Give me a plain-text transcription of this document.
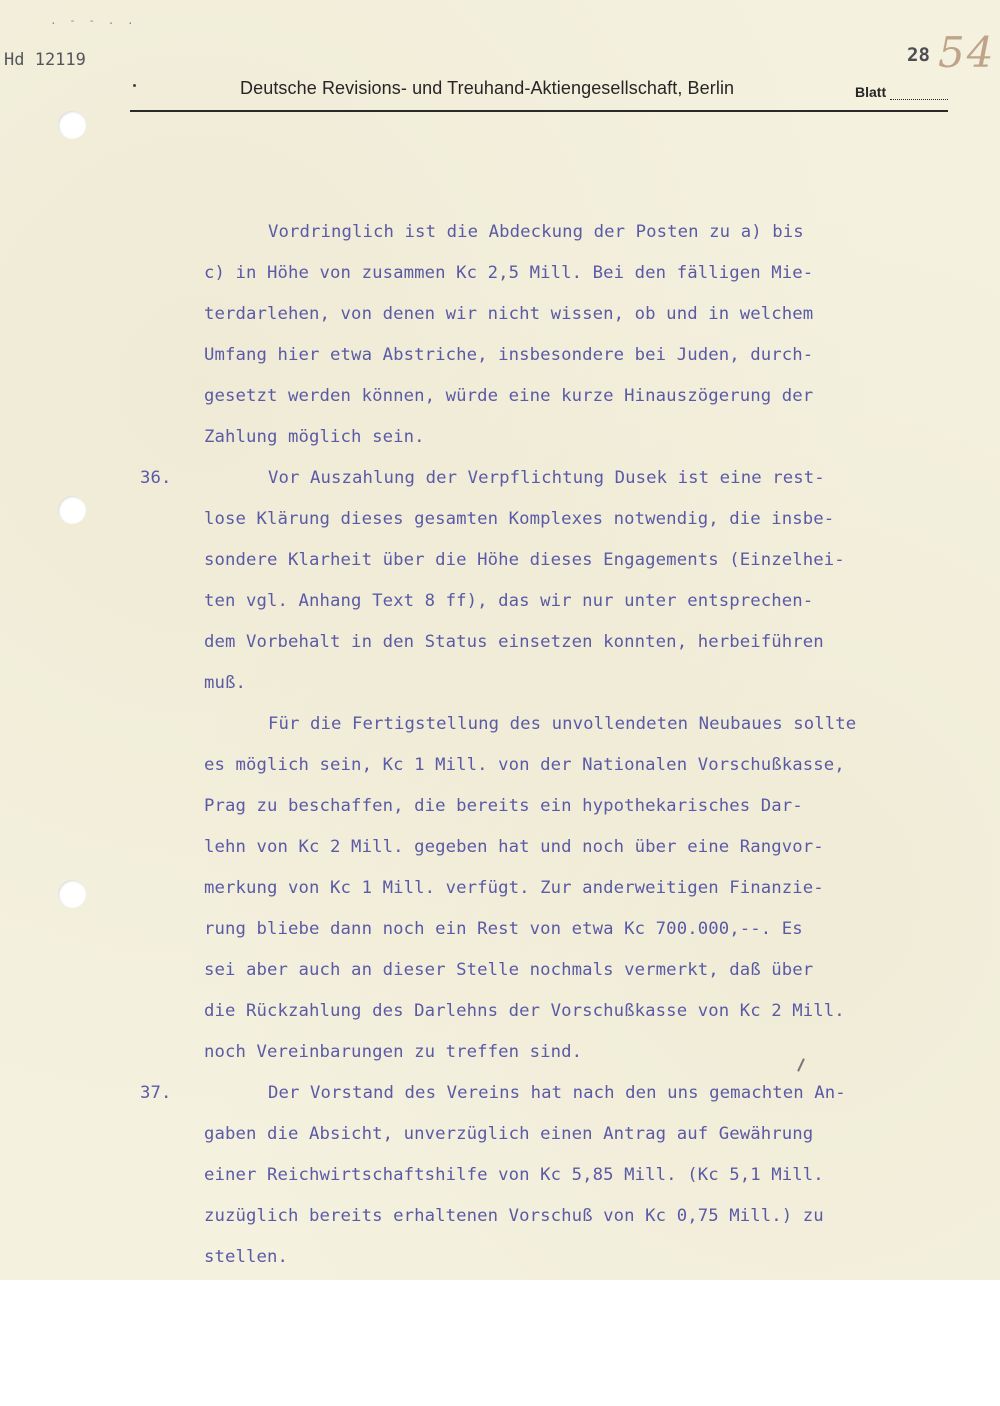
. - - . .
Hd 12119
Deutsche Revisions- und Treuhand-Aktiengesellschaft, Berlin	Blatt
28 54
Vordringlich ist die Abdeckung der Posten zu a) bis
c) in Höhe von zusammen Kc 2,5 Mill. Bei den fälligen Mie-
terdarlehen, von denen wir nicht wissen, ob und in welchem
Umfang hier etwa Abstriche, insbesondere bei Juden, durch-
gesetzt werden können, würde eine kurze Hinauszögerung der
Zahlung möglich sein.
36.	Vor Auszahlung der Verpflichtung Dusek ist eine rest-
lose Klärung dieses gesamten Komplexes notwendig, die insbe-
sondere Klarheit über die Höhe dieses Engagements (Einzelhei-
ten vgl. Anhang Text 8 ff), das wir nur unter entsprechen-
dem Vorbehalt in den Status einsetzen konnten, herbeiführen
muß.
Für die Fertigstellung des unvollendeten Neubaues sollte
es möglich sein, Kc 1 Mill. von der Nationalen Vorschußkasse,
Prag zu beschaffen, die bereits ein hypothekarisches Dar-
lehn von Kc 2 Mill. gegeben hat und noch über eine Rangvor-
merkung von Kc 1 Mill. verfügt. Zur anderweitigen Finanzie-
rung bliebe dann noch ein Rest von etwa Kc 700.000,--. Es
sei aber auch an dieser Stelle nochmals vermerkt, daß über
die Rückzahlung des Darlehns der Vorschußkasse von Kc 2 Mill.
noch Vereinbarungen zu treffen sind.
37.	Der Vorstand des Vereins hat nach den uns gemachten An-
gaben die Absicht, unverzüglich einen Antrag auf Gewährung
einer Reichwirtschaftshilfe von Kc 5,85 Mill. (Kc 5,1 Mill.
zuzüglich bereits erhaltenen Vorschuß von Kc 0,75 Mill.) zu
stellen.
